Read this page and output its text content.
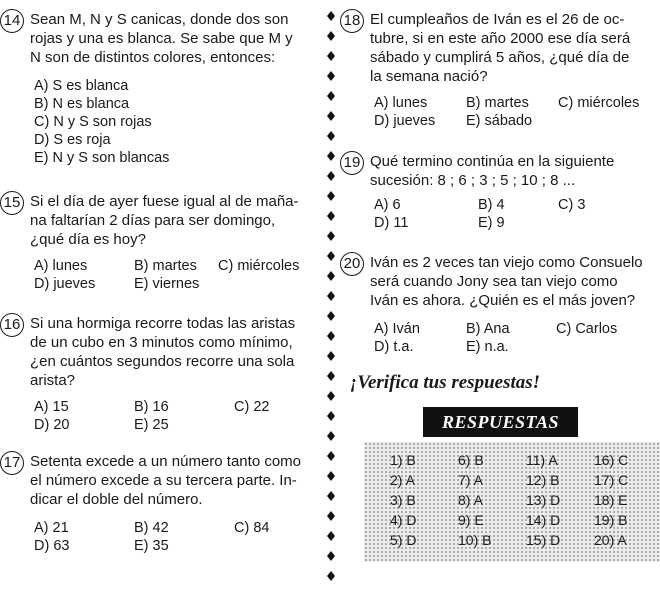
14 Sean M, N y S canicas, donde dos son
rojas y una es blanca. Se sabe que M y
N son de distintos colores, entonces:
A) S es blanca
B) N es blanca
C) N y S son rojas
D) S es roja
E) N y S son blancas
15 Si el día de ayer fuese igual al de maña-
na faltarían 2 días para ser domingo,
¿qué día es hoy?
A) lunes	B) martes	C) miércoles
D) jueves	E) viernes
16 Si una hormiga recorre todas las aristas
de un cubo en 3 minutos como mínimo,
¿en cuántos segundos recorre una sola
arista?
A) 15	B) 16	C) 22
D) 20	E) 25
17 Setenta excede a un número tanto como
el número excede a su tercera parte. In-
dicar el doble del número.
A) 21	B) 42	C) 84
D) 63	E) 35
18 El cumpleaños de Iván es el 26 de oc-
tubre, si en este año 2000 ese día será
sábado y cumplirá 5 años, ¿qué día de
la semana nació?
A) lunes	B) martes	C) miércoles
D) jueves	E) sábado
19 Qué termino continúa en la siguiente
sucesión: 8 ; 6 ; 3 ; 5 ; 10 ; 8 ...
A) 6	B) 4	C) 3
D) 11	E) 9
20 Iván es 2 veces tan viejo como Consuelo
será cuando Jony sea tan viejo como
Iván es ahora. ¿Quién es el más joven?
A) Iván	B) Ana	C) Carlos
D) t.a.	E) n.a.
¡Verifica tus respuestas!
RESPUESTAS
1) B	6) B	11) A	16) C
2) A	7) A	12) B 17) C
3) B	8) A	13) D 18) E
4) D	9) E	14) D 19) B
5) D	10) B 15) D 20) A
